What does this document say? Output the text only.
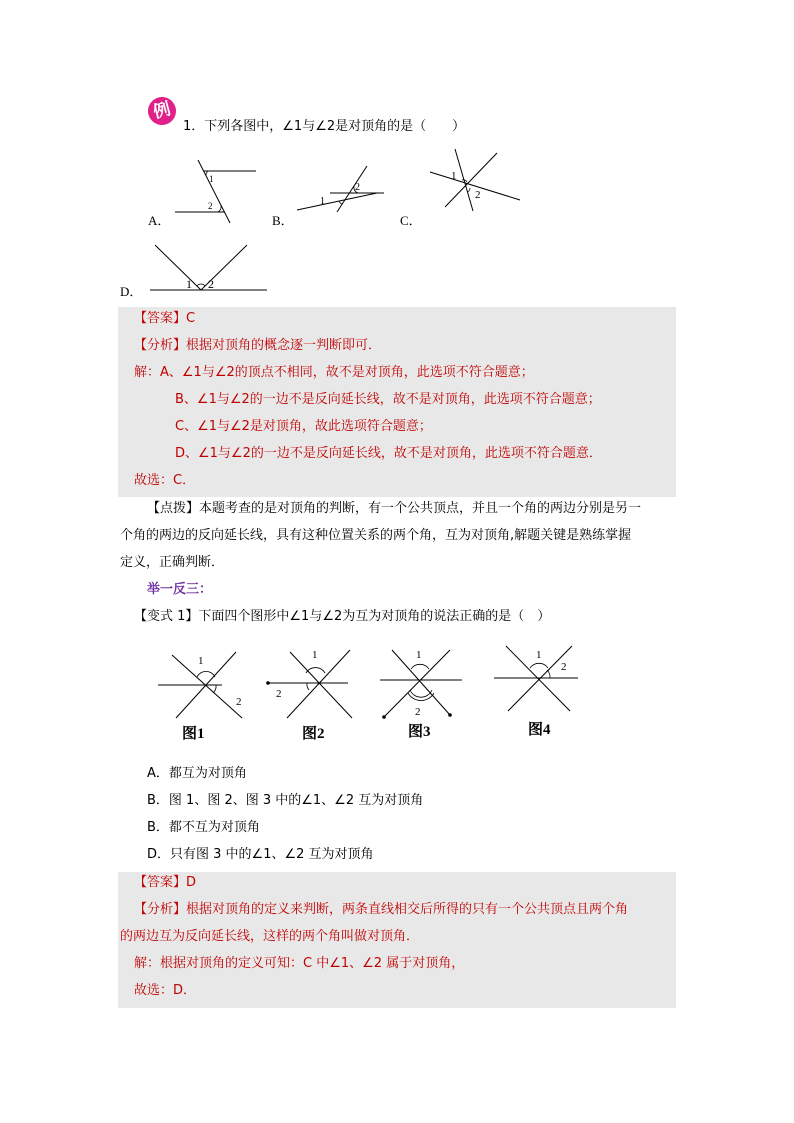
例
1．下列各图中，∠1与∠2是对顶角的是（　　）
A．
1
2
B．
1
2
C．
1
2
D．	1 2
【答案】C
【分析】根据对顶角的概念逐一判断即可．
解：A、∠1与∠2的顶点不相同，故不是对顶角，此选项不符合题意；
B、∠1与∠2的一边不是反向延长线，故不是对顶角，此选项不符合题意；
C、∠1与∠2是对顶角，故此选项符合题意；
D、∠1与∠2的一边不是反向延长线，故不是对顶角，此选项不符合题意．
故选：C．
【点拨】本题考查的是对顶角的判断，有一个公共顶点，并且一个角的两边分别是另一
个角的两边的反向延长线，具有这种位置关系的两个角，互为对顶角,解题关键是熟练掌握
定义，正确判断．
举一反三：
【变式 1】下面四个图形中∠1与∠2为互为对顶角的说法正确的是（　）
1
2
图1
1
2
图2
1
2
图3
1
2
图4
A．都互为对顶角
B．图 1、图 2、图 3 中的∠1、∠2 互为对顶角
B．都不互为对顶角
D．只有图 3 中的∠1、∠2 互为对顶角
【答案】D
【分析】根据对顶角的定义来判断，两条直线相交后所得的只有一个公共顶点且两个角
的两边互为反向延长线，这样的两个角叫做对顶角．
解：根据对顶角的定义可知：C 中∠1、∠2 属于对顶角，
故选：D．
